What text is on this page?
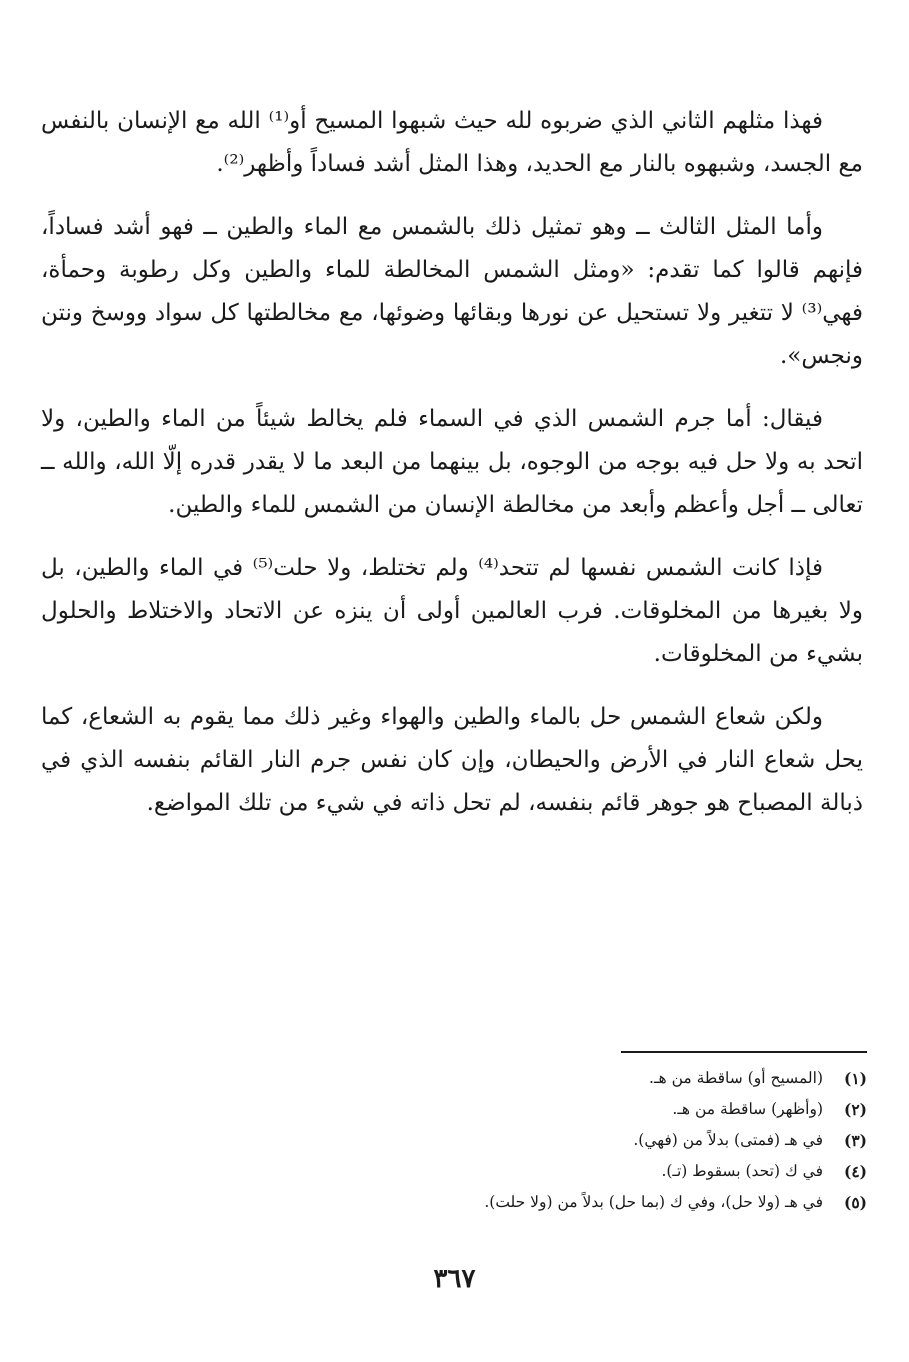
فهذا مثلهم الثاني الذي ضربوه لله حيث شبهوا المسيح أو⁽¹⁾ الله مع الإنسان بالنفس مع الجسد، وشبهوه بالنار مع الحديد، وهذا المثل أشد فساداً وأظهر⁽²⁾.

وأما المثل الثالث ــ وهو تمثيل ذلك بالشمس مع الماء والطين ــ فهو أشد فساداً، فإنهم قالوا كما تقدم: «ومثل الشمس المخالطة للماء والطين وكل رطوبة وحمأة، فهي⁽³⁾ لا تتغير ولا تستحيل عن نورها وبقائها وضوئها، مع مخالطتها كل سواد ووسخ ونتن ونجس».

فيقال: أما جرم الشمس الذي في السماء فلم يخالط شيئاً من الماء والطين، ولا اتحد به ولا حل فيه بوجه من الوجوه، بل بينهما من البعد ما لا يقدر قدره إلّا الله، والله ــ تعالى ــ أجل وأعظم وأبعد من مخالطة الإنسان من الشمس للماء والطين.

فإذا كانت الشمس نفسها لم تتحد⁽⁴⁾ ولم تختلط، ولا حلت⁽⁵⁾ في الماء والطين، بل ولا بغيرها من المخلوقات. فرب العالمين أولى أن ينزه عن الاتحاد والاختلاط والحلول بشيء من المخلوقات.

ولكن شعاع الشمس حل بالماء والطين والهواء وغير ذلك مما يقوم به الشعاع، كما يحل شعاع النار في الأرض والحيطان، وإن كان نفس جرم النار القائم بنفسه الذي في ذبالة المصباح هو جوهر قائم بنفسه، لم تحل ذاته في شيء من تلك المواضع.

(١)
(المسيح أو) ساقطة من هـ.
(٢)
(وأظهر) ساقطة من هـ.
(٣)
في هـ (فمتى) بدلاً من (فهي).
(٤)
في ك (تحد) بسقوط (تـ).
(٥)
في هـ (ولا حل)، وفي ك (بما حل) بدلاً من (ولا حلت).
٣٦٧
